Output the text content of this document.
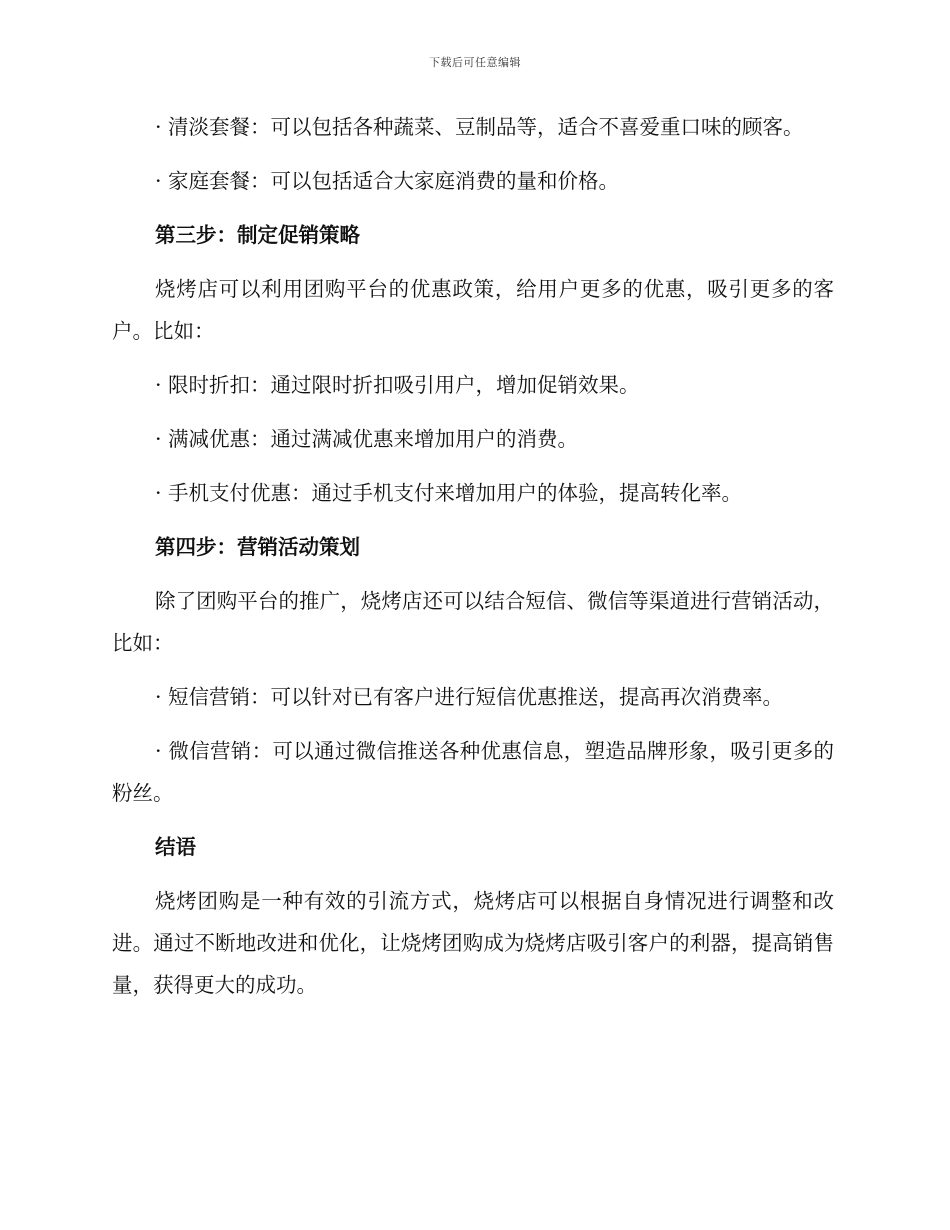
下载后可任意编辑

· 清淡套餐：可以包括各种蔬菜、豆制品等，适合不喜爱重口味的顾客。

· 家庭套餐：可以包括适合大家庭消费的量和价格。

第三步：制定促销策略

烧烤店可以利用团购平台的优惠政策，给用户更多的优惠，吸引更多的客户。比如：

· 限时折扣：通过限时折扣吸引用户，增加促销效果。

· 满减优惠：通过满减优惠来增加用户的消费。

· 手机支付优惠：通过手机支付来增加用户的体验，提高转化率。

第四步：营销活动策划

除了团购平台的推广，烧烤店还可以结合短信、微信等渠道进行营销活动，比如：

· 短信营销：可以针对已有客户进行短信优惠推送，提高再次消费率。

· 微信营销：可以通过微信推送各种优惠信息，塑造品牌形象，吸引更多的粉丝。

结语

烧烤团购是一种有效的引流方式，烧烤店可以根据自身情况进行调整和改进。通过不断地改进和优化，让烧烤团购成为烧烤店吸引客户的利器，提高销售量，获得更大的成功。
